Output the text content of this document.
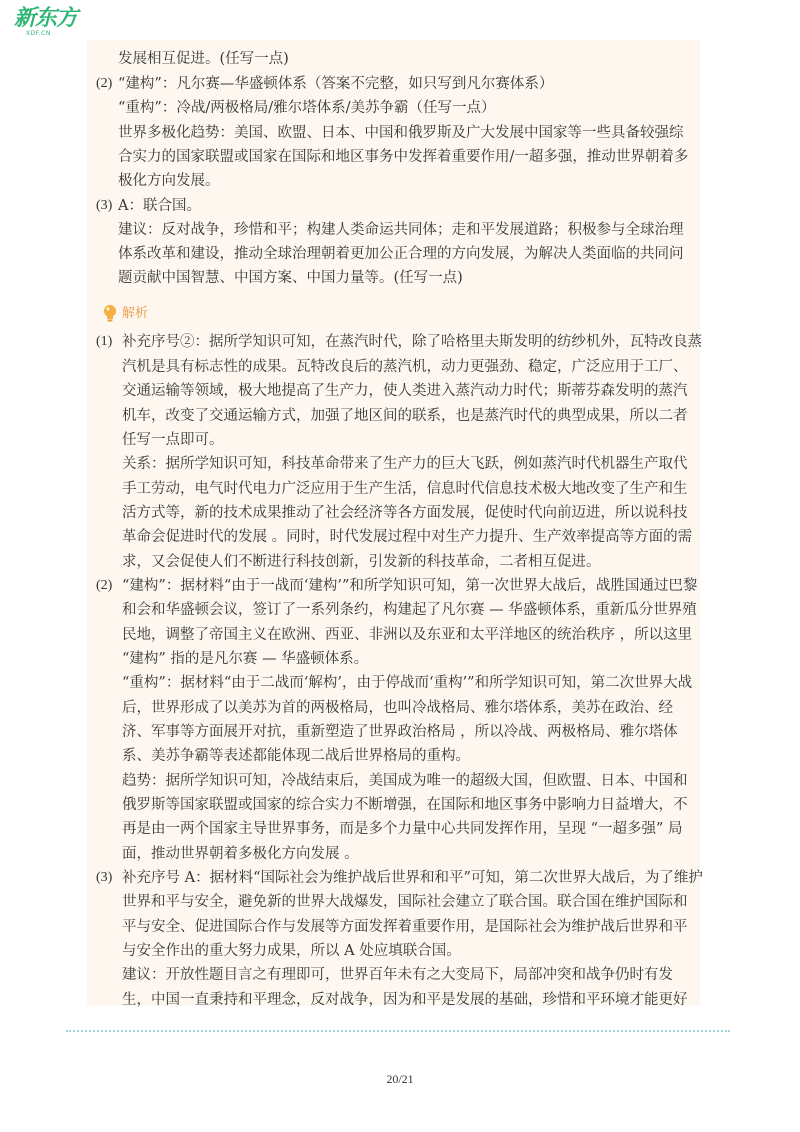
新东方
XDF.CN
发展相互促进。(任写一点)
(2) “建构”：凡尔赛—华盛顿体系（答案不完整，如只写到凡尔赛体系）
“重构”：冷战/两极格局/雅尔塔体系/美苏争霸（任写一点）
世界多极化趋势：美国、欧盟、日本、中国和俄罗斯及广大发展中国家等一些具备较强综
合实力的国家联盟或国家在国际和地区事务中发挥着重要作用/一超多强，推动世界朝着多
极化方向发展。
(3) A：联合国。
建议：反对战争，珍惜和平；构建人类命运共同体；走和平发展道路；积极参与全球治理
体系改革和建设，推动全球治理朝着更加公正合理的方向发展，为解决人类面临的共同问
题贡献中国智慧、中国方案、中国力量等。(任写一点)
解析
(1) 补充序号②：据所学知识可知，在蒸汽时代，除了哈格里夫斯发明的纺纱机外，瓦特改良蒸
汽机是具有标志性的成果。瓦特改良后的蒸汽机，动力更强劲、稳定，广泛应用于工厂、
交通运输等领域，极大地提高了生产力，使人类进入蒸汽动力时代；斯蒂芬森发明的蒸汽
机车，改变了交通运输方式，加强了地区间的联系，也是蒸汽时代的典型成果，所以二者
任写一点即可。
关系：据所学知识可知，科技革命带来了生产力的巨大飞跃，例如蒸汽时代机器生产取代
手工劳动，电气时代电力广泛应用于生产生活，信息时代信息技术极大地改变了生产和生
活方式等，新的技术成果推动了社会经济等各方面发展，促使时代向前迈进，所以说科技
革命会促进时代的发展 。同时，时代发展过程中对生产力提升、生产效率提高等方面的需
求，又会促使人们不断进行科技创新，引发新的科技革命，二者相互促进。
(2) “建构”：据材料“由于一战而‘建构’”和所学知识可知，第一次世界大战后，战胜国通过巴黎
和会和华盛顿会议，签订了一系列条约，构建起了凡尔赛 — 华盛顿体系，重新瓜分世界殖
民地，调整了帝国主义在欧洲、西亚、非洲以及东亚和太平洋地区的统治秩序 ，所以这里
“建构” 指的是凡尔赛 — 华盛顿体系。
“重构”：据材料“由于二战而‘解构’，由于停战而‘重构’”和所学知识可知，第二次世界大战
后，世界形成了以美苏为首的两极格局，也叫冷战格局、雅尔塔体系，美苏在政治、经
济、军事等方面展开对抗，重新塑造了世界政治格局 ，所以冷战、两极格局、雅尔塔体
系、美苏争霸等表述都能体现二战后世界格局的重构。
趋势：据所学知识可知，冷战结束后，美国成为唯一的超级大国，但欧盟、日本、中国和
俄罗斯等国家联盟或国家的综合实力不断增强，在国际和地区事务中影响力日益增大，不
再是由一两个国家主导世界事务，而是多个力量中心共同发挥作用，呈现 “一超多强” 局
面，推动世界朝着多极化方向发展 。
(3) 补充序号 A：据材料“国际社会为维护战后世界和和平”可知，第二次世界大战后，为了维护
世界和平与安全，避免新的世界大战爆发，国际社会建立了联合国。联合国在维护国际和
平与安全、促进国际合作与发展等方面发挥着重要作用，是国际社会为维护战后世界和平
与安全作出的重大努力成果，所以 A 处应填联合国。
建议：开放性题目言之有理即可，世界百年未有之大变局下，局部冲突和战争仍时有发
生，中国一直秉持和平理念，反对战争，因为和平是发展的基础，珍惜和平环境才能更好
20/21
